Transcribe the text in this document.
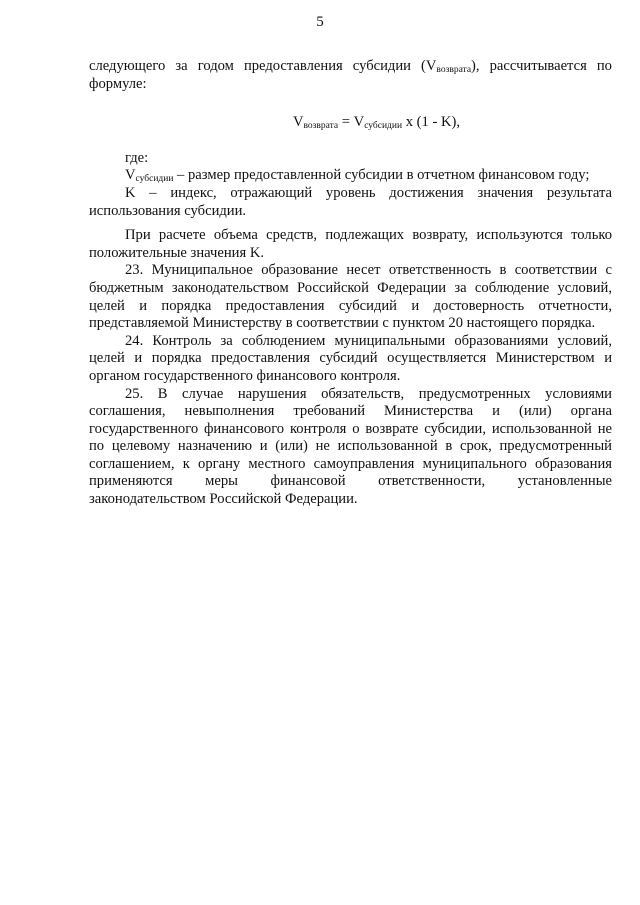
5

следующего за годом предоставления субсидии $(V_{возврата})$, рассчитывается по формуле:

$V_{возврата} = V_{субсидии}$ x (1 - K),

где:

$V_{субсидии}$ – размер предоставленной субсидии в отчетном финансовом году;

K – индекс, отражающий уровень достижения значения результата использования субсидии.

При расчете объема средств, подлежащих возврату, используются только положительные значения K.

23. Муниципальное образование несет ответственность в соответствии с бюджетным законодательством Российской Федерации за соблюдение условий, целей и порядка предоставления субсидий и достоверность отчетности, представляемой Министерству в соответствии с пунктом 20 настоящего порядка.

24. Контроль за соблюдением муниципальными образованиями условий, целей и порядка предоставления субсидий осуществляется Министерством и органом государственного финансового контроля.

25. В случае нарушения обязательств, предусмотренных условиями соглашения, невыполнения требований Министерства и (или) органа государственного финансового контроля о возврате субсидии, использованной не по целевому назначению и (или) не использованной в срок, предусмотренный соглашением, к органу местного самоуправления муниципального образования применяются меры финансовой ответственности, установленные законодательством Российской Федерации.
